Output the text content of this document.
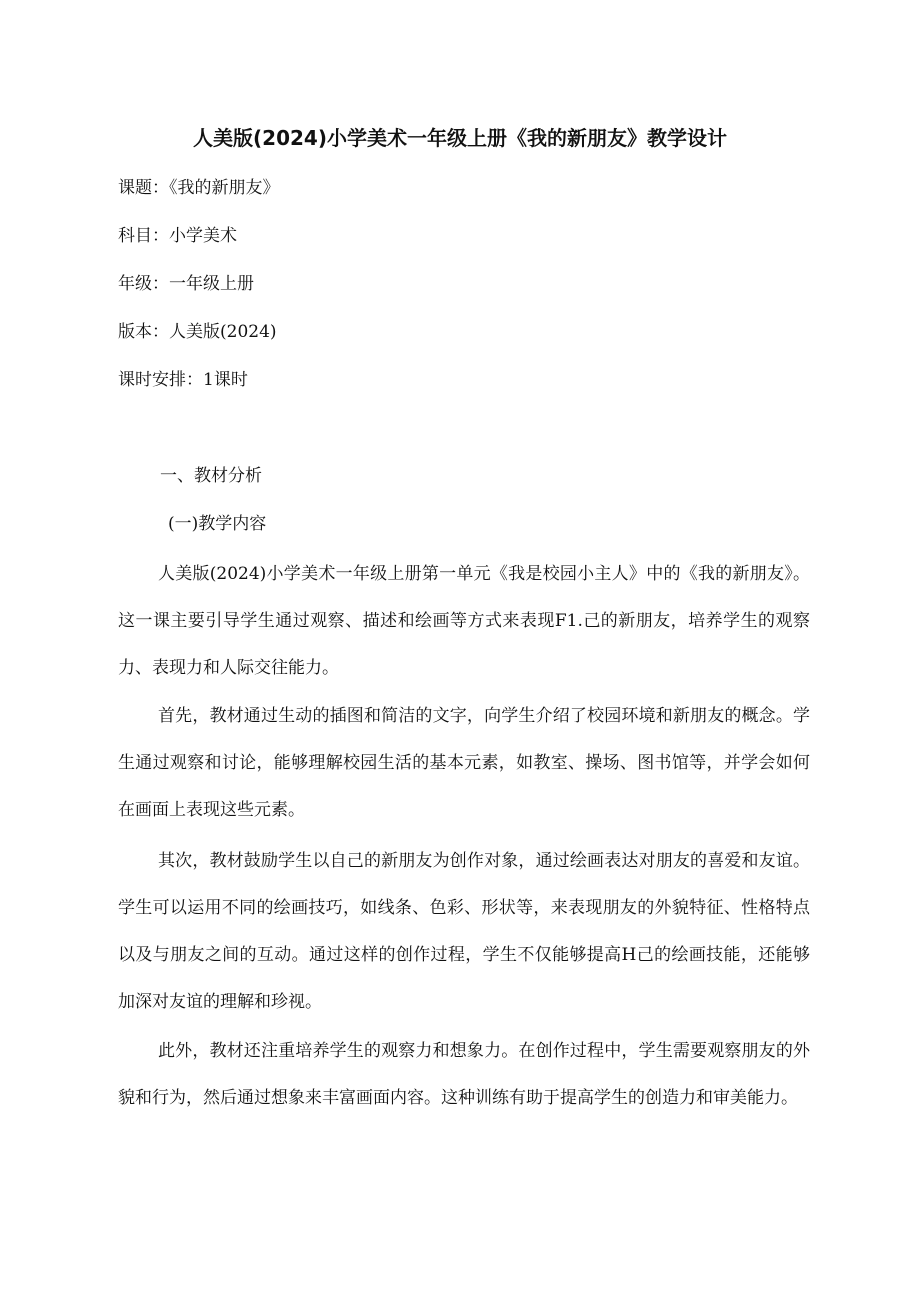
人美版(2024)小学美术一年级上册《我的新朋友》教学设计
课题：《我的新朋友》
科目：小学美术
年级：一年级上册
版本：人美版(2024)
课时安排：1课时
一、教材分析
(一)教学内容
人美版(2024)小学美术一年级上册第一单元《我是校园小主人》中的《我的新朋友》。这一课主要引导学生通过观察、描述和绘画等方式来表现F1.己的新朋友，培养学生的观察力、表现力和人际交往能力。
首先，教材通过生动的插图和简洁的文字，向学生介绍了校园环境和新朋友的概念。学生通过观察和讨论，能够理解校园生活的基本元素，如教室、操场、图书馆等，并学会如何在画面上表现这些元素。
其次，教材鼓励学生以自己的新朋友为创作对象，通过绘画表达对朋友的喜爱和友谊。学生可以运用不同的绘画技巧，如线条、色彩、形状等，来表现朋友的外貌特征、性格特点以及与朋友之间的互动。通过这样的创作过程，学生不仅能够提高H己的绘画技能，还能够加深对友谊的理解和珍视。
此外，教材还注重培养学生的观察力和想象力。在创作过程中，学生需要观察朋友的外貌和行为，然后通过想象来丰富画面内容。这种训练有助于提高学生的创造力和审美能力。
